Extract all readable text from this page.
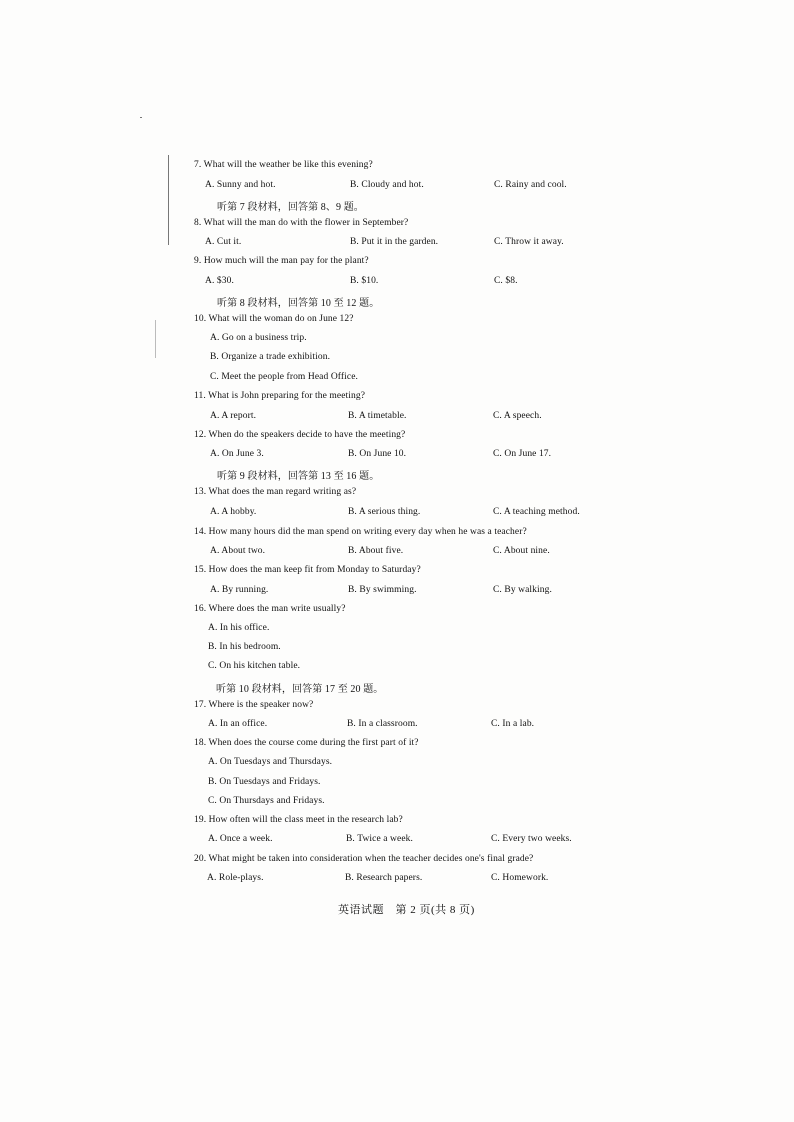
7. What will the weather be like this evening?
A. Sunny and hot.	B. Cloudy and hot.	C. Rainy and cool.
听第 7 段材料，回答第 8、9 题。
8. What will the man do with the flower in September?
A. Cut it.	B. Put it in the garden.	C. Throw it away.
9. How much will the man pay for the plant?
A. $30.	B. $10.	C. $8.
听第 8 段材料，回答第 10 至 12 题。
10. What will the woman do on June 12?
A. Go on a business trip.
B. Organize a trade exhibition.
C. Meet the people from Head Office.
11. What is John preparing for the meeting?
A. A report.	B. A timetable.	C. A speech.
12. When do the speakers decide to have the meeting?
A. On June 3.	B. On June 10.	C. On June 17.
听第 9 段材料，回答第 13 至 16 题。
13. What does the man regard writing as?
A. A hobby.	B. A serious thing.	C. A teaching method.
14. How many hours did the man spend on writing every day when he was a teacher?
A. About two.	B. About five.	C. About nine.
15. How does the man keep fit from Monday to Saturday?
A. By running.	B. By swimming.	C. By walking.
16. Where does the man write usually?
A. In his office.
B. In his bedroom.
C. On his kitchen table.
听第 10 段材料，回答第 17 至 20 题。
17. Where is the speaker now?
A. In an office.	B. In a classroom.	C. In a lab.
18. When does the course come during the first part of it?
A. On Tuesdays and Thursdays.
B. On Tuesdays and Fridays.
C. On Thursdays and Fridays.
19. How often will the class meet in the research lab?
A. Once a week.	B. Twice a week.	C. Every two weeks.
20. What might be taken into consideration when the teacher decides one's final grade?
A. Role-plays.	B. Research papers.	C. Homework.
英语试题　第 2 页(共 8 页)
